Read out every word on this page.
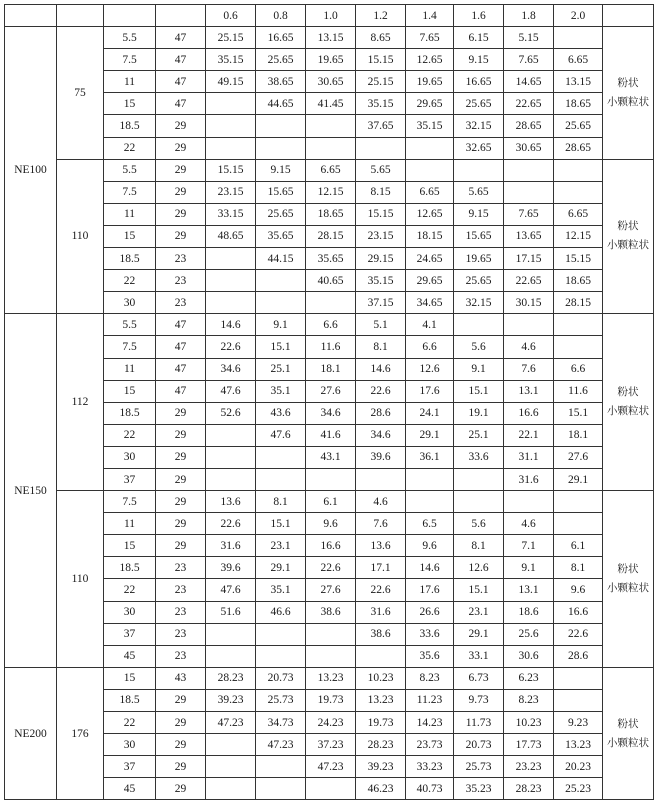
				0.6	0.8	1.0	1.2	1.4	1.6	1.8	2.0	
NE100	75	5.5	47	25.15	16.65	13.15	8.65	7.65	6.15	5.15		粉状
小颗粒状

		7.5	47	35.15	25.65	19.65	15.15	12.65	9.15	7.65	6.65	
		11	47	49.15	38.65	30.65	25.15	19.65	16.65	14.65	13.15	
		15	47		44.65	41.45	35.15	29.65	25.65	22.65	18.65	
		18.5	29				37.65	35.15	32.15	28.65	25.65	
		22	29						32.65	30.65	28.65	
	110	5.5	29	15.15	9.15	6.65	5.65					粉状
小颗粒状

		7.5	29	23.15	15.65	12.15	8.15	6.65	5.65			
		11	29	33.15	25.65	18.65	15.15	12.65	9.15	7.65	6.65	
		15	29	48.65	35.65	28.15	23.15	18.15	15.65	13.65	12.15	
		18.5	23		44.15	35.65	29.15	24.65	19.65	17.15	15.15	
		22	23			40.65	35.15	29.65	25.65	22.65	18.65	
		30	23				37.15	34.65	32.15	30.15	28.15	
NE150	112	5.5	47	14.6	9.1	6.6	5.1	4.1				粉状
小颗粒状

		7.5	47	22.6	15.1	11.6	8.1	6.6	5.6	4.6		
		11	47	34.6	25.1	18.1	14.6	12.6	9.1	7.6	6.6	
		15	47	47.6	35.1	27.6	22.6	17.6	15.1	13.1	11.6	
		18.5	29	52.6	43.6	34.6	28.6	24.1	19.1	16.6	15.1	
		22	29		47.6	41.6	34.6	29.1	25.1	22.1	18.1	
		30	29			43.1	39.6	36.1	33.6	31.1	27.6	
		37	29							31.6	29.1	
	110	7.5	29	13.6	8.1	6.1	4.6					粉状
小颗粒状

		11	29	22.6	15.1	9.6	7.6	6.5	5.6	4.6		
		15	29	31.6	23.1	16.6	13.6	9.6	8.1	7.1	6.1	
		18.5	23	39.6	29.1	22.6	17.1	14.6	12.6	9.1	8.1	
		22	23	47.6	35.1	27.6	22.6	17.6	15.1	13.1	9.6	
		30	23	51.6	46.6	38.6	31.6	26.6	23.1	18.6	16.6	
		37	23				38.6	33.6	29.1	25.6	22.6	
		45	23					35.6	33.1	30.6	28.6	
NE200	176	15	43	28.23	20.73	13.23	10.23	8.23	6.73	6.23		粉状
小颗粒状

		18.5	29	39.23	25.73	19.73	13.23	11.23	9.73	8.23		
		22	29	47.23	34.73	24.23	19.73	14.23	11.73	10.23	9.23	
		30	29		47.23	37.23	28.23	23.73	20.73	17.73	13.23	
		37	29			47.23	39.23	33.23	25.73	23.23	20.23	
		45	29				46.23	40.73	35.23	28.23	25.23	
